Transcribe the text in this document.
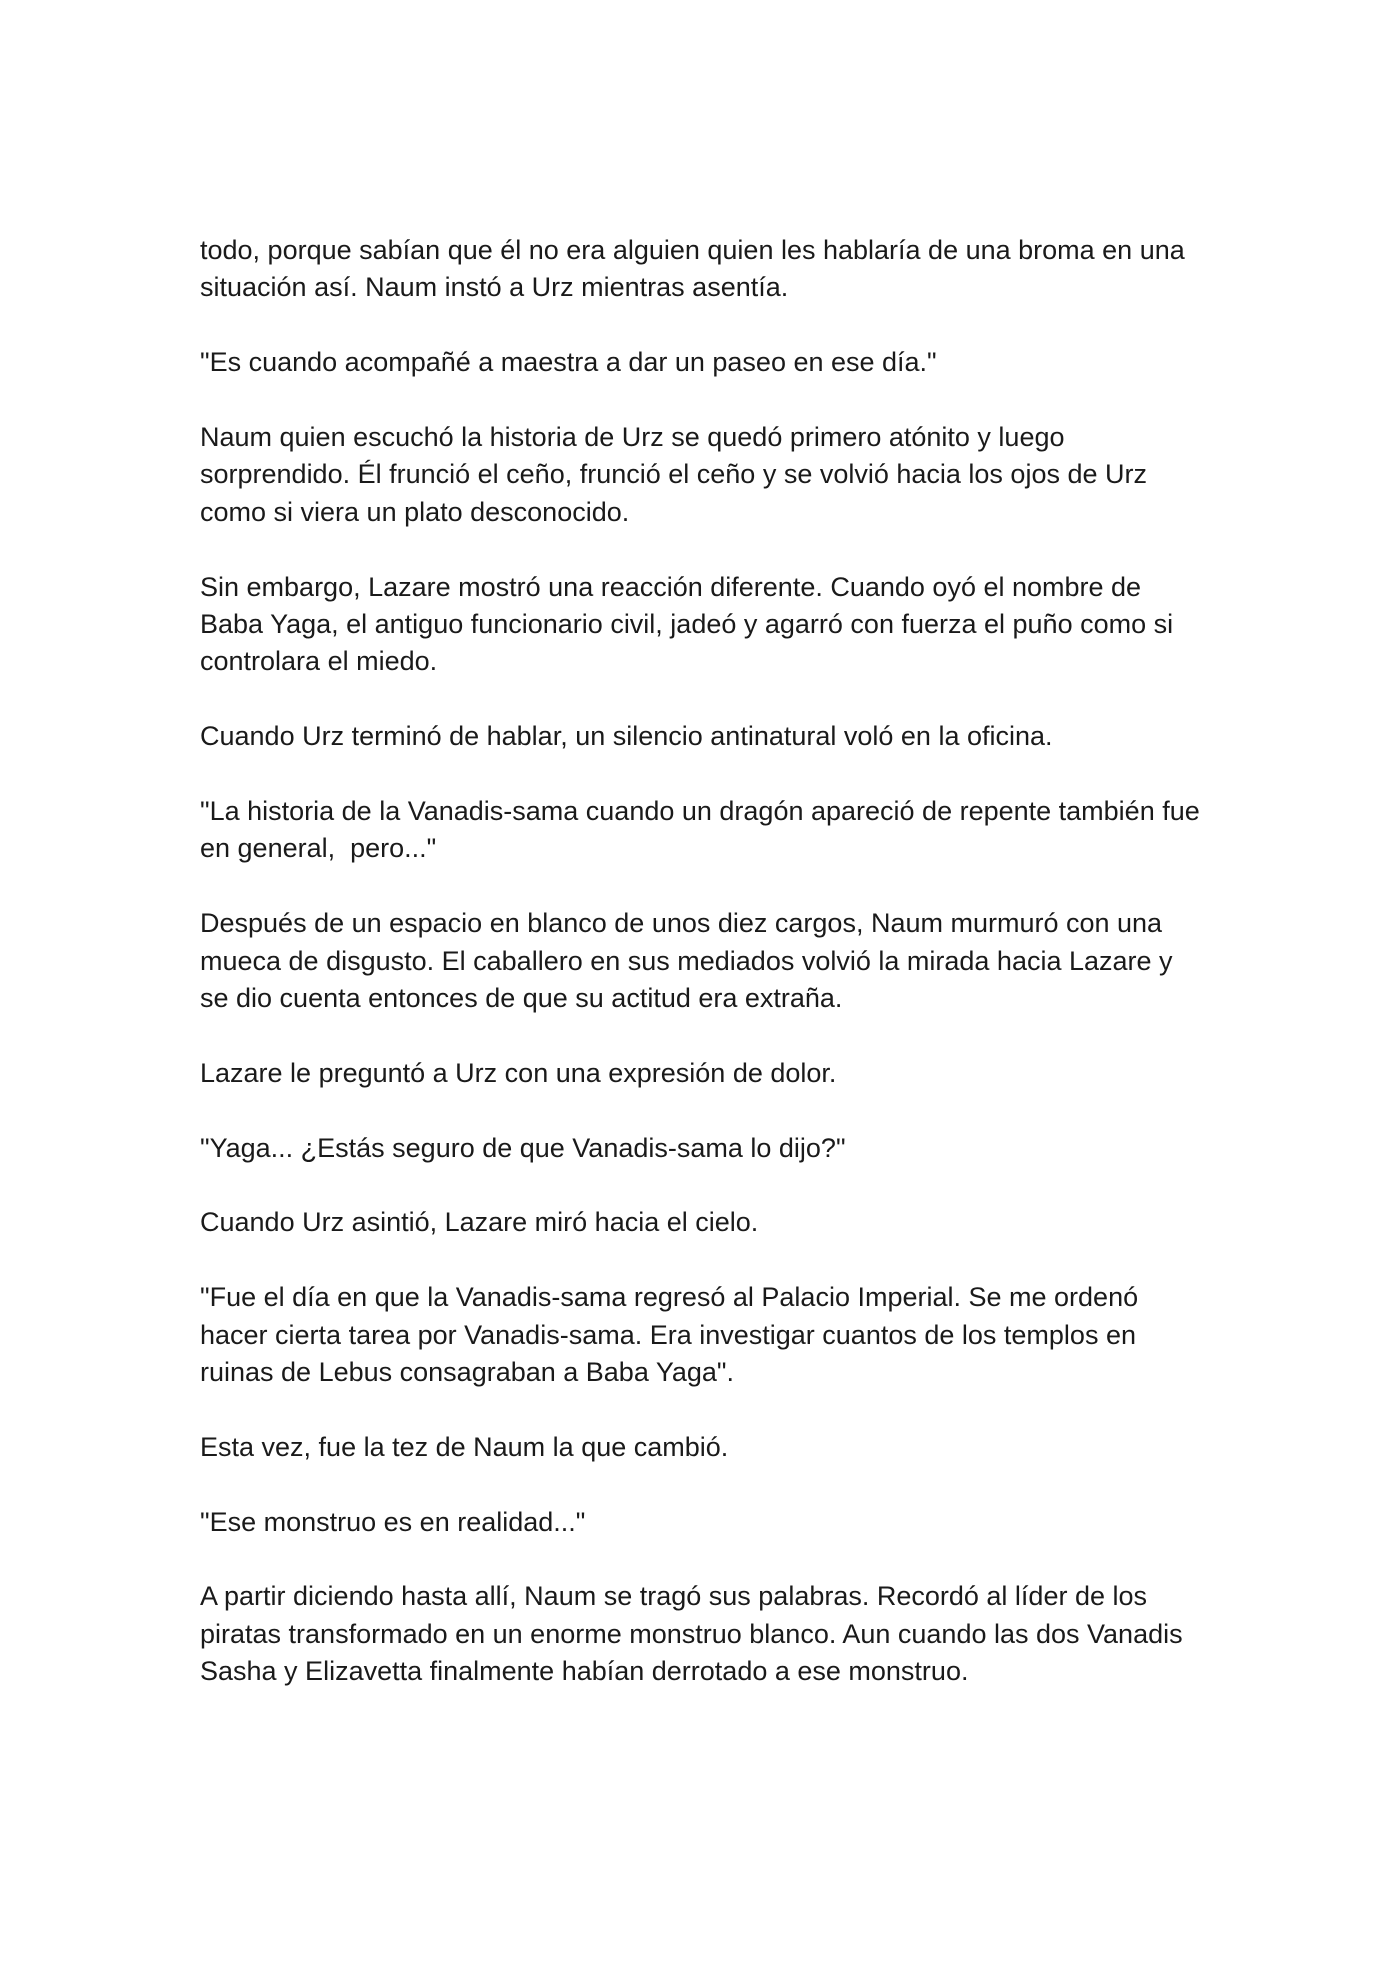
todo, porque sabían que él no era alguien quien les hablaría de una broma en una situación así. Naum instó a Urz mientras asentía.

"Es cuando acompañé a maestra a dar un paseo en ese día."

Naum quien escuchó la historia de Urz se quedó primero atónito y luego sorprendido. Él frunció el ceño, frunció el ceño y se volvió hacia los ojos de Urz como si viera un plato desconocido.

Sin embargo, Lazare mostró una reacción diferente. Cuando oyó el nombre de Baba Yaga, el antiguo funcionario civil, jadeó y agarró con fuerza el puño como si controlara el miedo.

Cuando Urz terminó de hablar, un silencio antinatural voló en la oficina.

"La historia de la Vanadis-sama cuando un dragón apareció de repente también fue en general,  pero..."

Después de un espacio en blanco de unos diez cargos, Naum murmuró con una mueca de disgusto. El caballero en sus mediados volvió la mirada hacia Lazare y se dio cuenta entonces de que su actitud era extraña.

Lazare le preguntó a Urz con una expresión de dolor.

"Yaga... ¿Estás seguro de que Vanadis-sama lo dijo?"

Cuando Urz asintió, Lazare miró hacia el cielo.

"Fue el día en que la Vanadis-sama regresó al Palacio Imperial. Se me ordenó hacer cierta tarea por Vanadis-sama. Era investigar cuantos de los templos en ruinas de Lebus consagraban a Baba Yaga".

Esta vez, fue la tez de Naum la que cambió.

"Ese monstruo es en realidad..."

A partir diciendo hasta allí, Naum se tragó sus palabras. Recordó al líder de los piratas transformado en un enorme monstruo blanco. Aun cuando las dos Vanadis Sasha y Elizavetta finalmente habían derrotado a ese monstruo.
